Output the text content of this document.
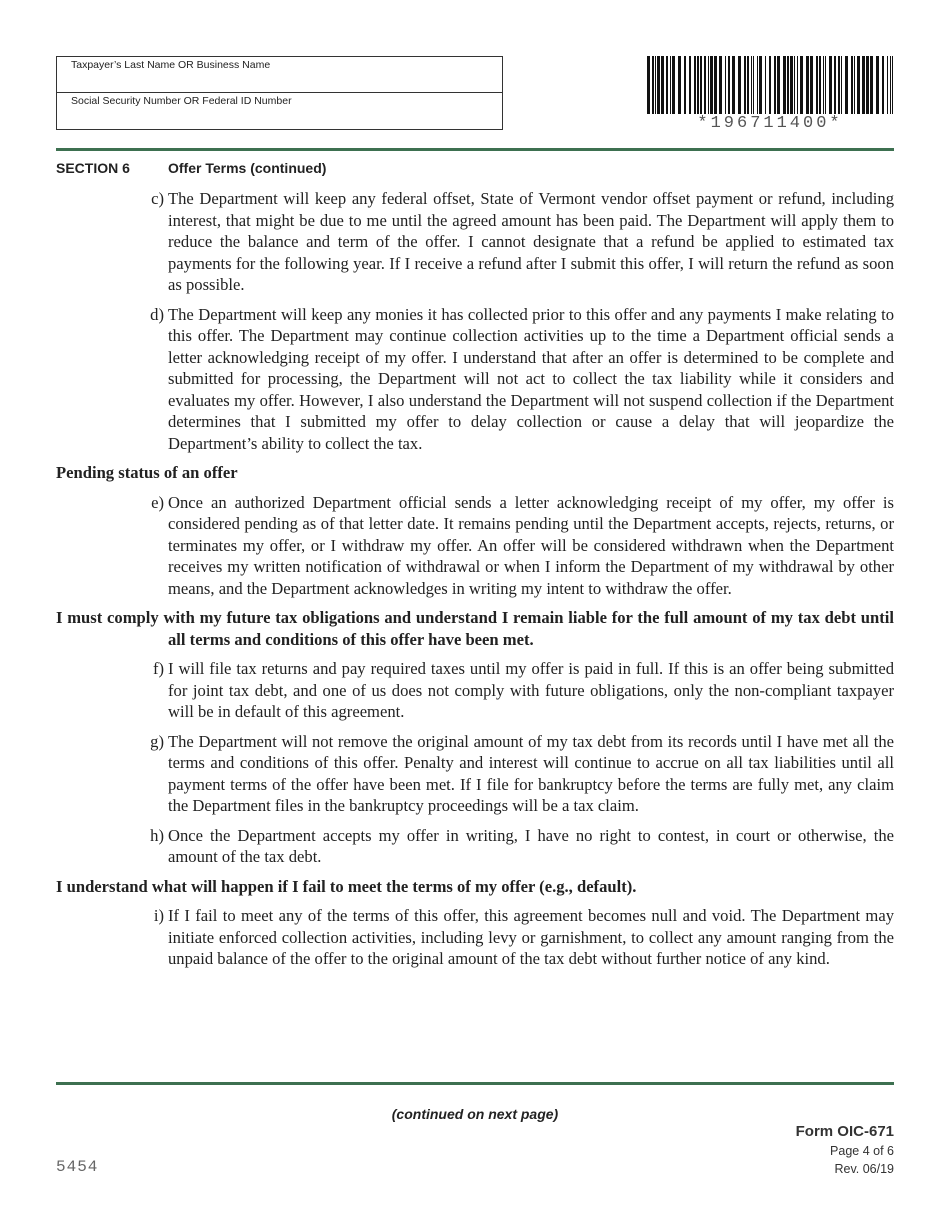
Taxpayer’s Last Name OR Business Name
Social Security Number OR Federal ID Number
*196711400*
SECTION 6	Offer Terms (continued)
c) The Department will keep any federal offset, State of Vermont vendor offset payment or refund, including interest, that might be due to me until the agreed amount has been paid. The Department will apply them to reduce the balance and term of the offer. I cannot designate that a refund be applied to estimated tax payments for the following year. If I receive a refund after I submit this offer, I will return the refund as soon as possible.
d) The Department will keep any monies it has collected prior to this offer and any payments I make relating to this offer. The Department may continue collection activities up to the time a Department official sends a letter acknowledging receipt of my offer. I understand that after an offer is determined to be complete and submitted for processing, the Department will not act to collect the tax liability while it considers and evaluates my offer. However, I also understand the Department will not suspend collection if the Department determines that I submitted my offer to delay collection or cause a delay that will jeopardize the Department’s ability to collect the tax.
Pending status of an offer
e) Once an authorized Department official sends a letter acknowledging receipt of my offer, my offer is considered pending as of that letter date. It remains pending until the Department accepts, rejects, returns, or terminates my offer, or I withdraw my offer. An offer will be considered withdrawn when the Department receives my written notification of withdrawal or when I inform the Department of my withdrawal by other means, and the Department acknowledges in writing my intent to withdraw the offer.
I must comply with my future tax obligations and understand I remain liable for the full amount of my tax debt until all terms and conditions of this offer have been met.
f) I will file tax returns and pay required taxes until my offer is paid in full. If this is an offer being submitted for joint tax debt, and one of us does not comply with future obligations, only the non-compliant taxpayer will be in default of this agreement.
g) The Department will not remove the original amount of my tax debt from its records until I have met all the terms and conditions of this offer. Penalty and interest will continue to accrue on all tax liabilities until all payment terms of the offer have been met. If I file for bankruptcy before the terms are fully met, any claim the Department files in the bankruptcy proceedings will be a tax claim.
h) Once the Department accepts my offer in writing, I have no right to contest, in court or otherwise, the amount of the tax debt.
I understand what will happen if I fail to meet the terms of my offer (e.g., default).
i) If I fail to meet any of the terms of this offer, this agreement becomes null and void. The Department may initiate enforced collection activities, including levy or garnishment, to collect any amount ranging from the unpaid balance of the offer to the original amount of the tax debt without further notice of any kind.
(continued on next page)
Form OIC-671
Page 4 of 6
Rev. 06/19
5454
